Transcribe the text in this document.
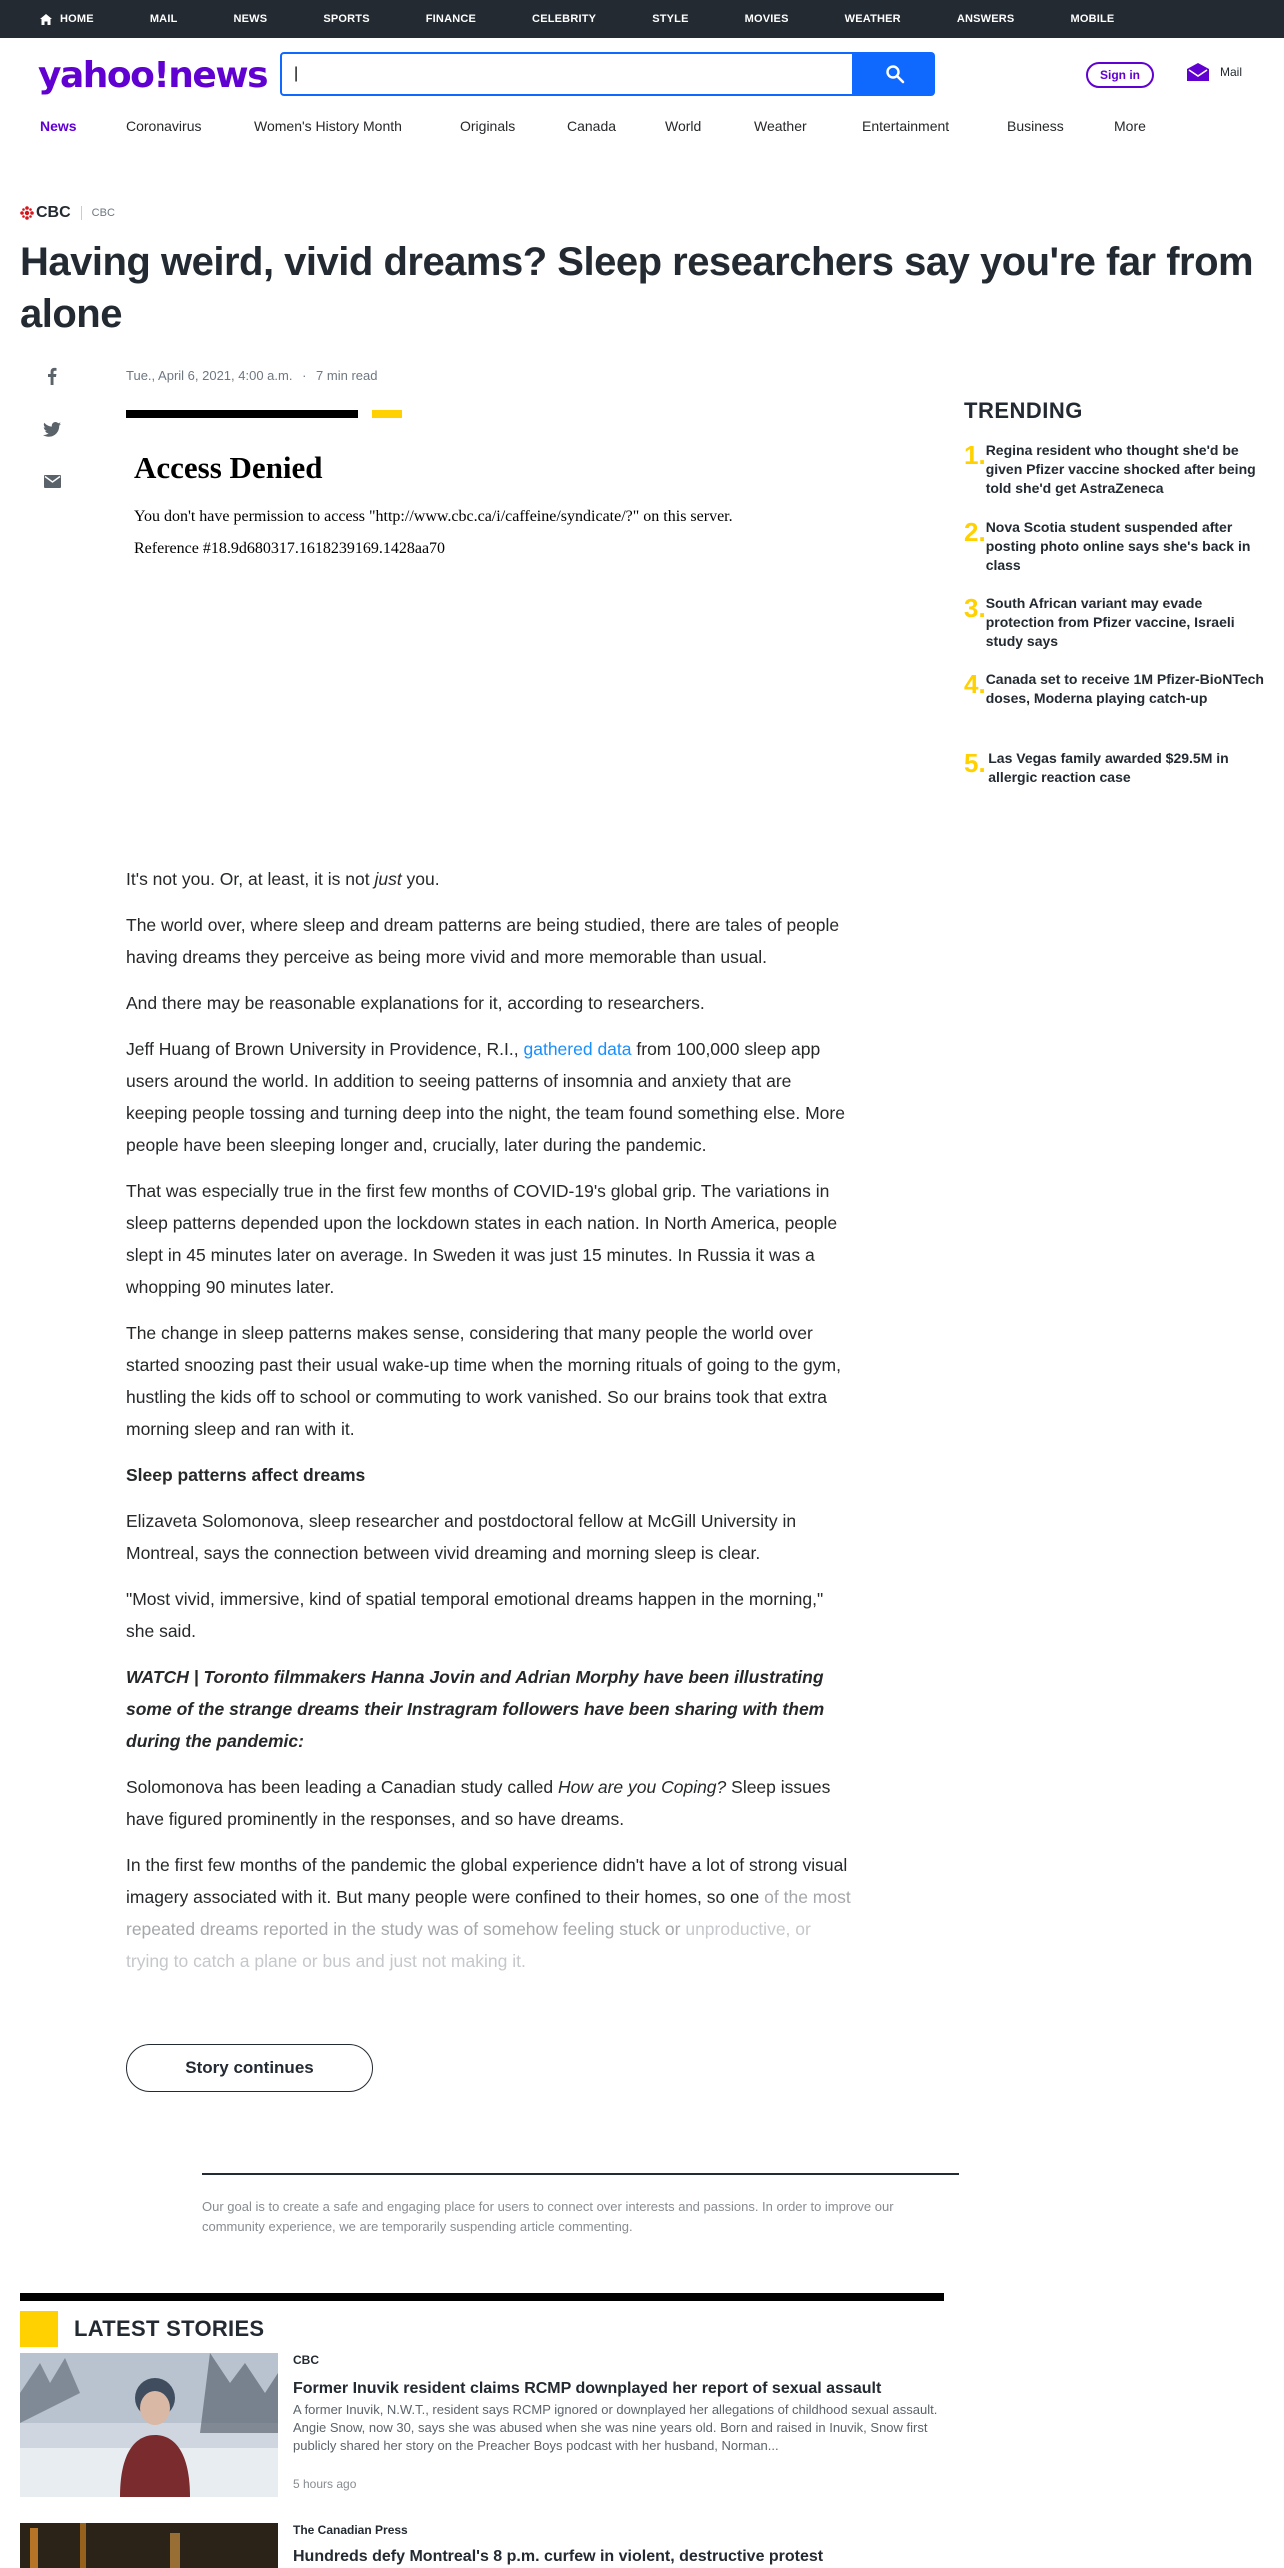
HOME	MAIL	NEWS	SPORTS	FINANCE	CELEBRITY	STYLE	MOVIES	WEATHER	ANSWERS	MOBILE
yahoo!news
|	Sign in	Mail
News	Coronavirus	Women's History Month	Originals	Canada	World	Weather	Entertainment	Business	More
CBC CBC
Having weird, vivid dreams? Sleep researchers say you're far from alone
Tue., April 6, 2021, 4:00 a.m. · 7 min read
Access Denied

You don't have permission to access "http://www.cbc.ca/i/caffeine/syndicate/?" on this server.

Reference #18.9d680317.1618239169.1428aa70

It's not you. Or, at least, it is not just you.

The world over, where sleep and dream patterns are being studied, there are tales of people having dreams they perceive as being more vivid and more memorable than usual.

And there may be reasonable explanations for it, according to researchers.

Jeff Huang of Brown University in Providence, R.I., gathered data from 100,000 sleep app users around the world. In addition to seeing patterns of insomnia and anxiety that are keeping people tossing and turning deep into the night, the team found something else. More people have been sleeping longer and, crucially, later during the pandemic.

That was especially true in the first few months of COVID-19's global grip. The variations in sleep patterns depended upon the lockdown states in each nation. In North America, people slept in 45 minutes later on average. In Sweden it was just 15 minutes. In Russia it was a whopping 90 minutes later.

The change in sleep patterns makes sense, considering that many people the world over started snoozing past their usual wake-up time when the morning rituals of going to the gym, hustling the kids off to school or commuting to work vanished. So our brains took that extra morning sleep and ran with it.

Sleep patterns affect dreams

Elizaveta Solomonova, sleep researcher and postdoctoral fellow at McGill University in Montreal, says the connection between vivid dreaming and morning sleep is clear.

"Most vivid, immersive, kind of spatial temporal emotional dreams happen in the morning," she said.

WATCH | Toronto filmmakers Hanna Jovin and Adrian Morphy have been illustrating some of the strange dreams their Instragram followers have been sharing with them during the pandemic:

Solomonova has been leading a Canadian study called How are you Coping? Sleep issues have figured prominently in the responses, and so have dreams.

In the first few months of the pandemic the global experience didn't have a lot of strong visual imagery associated with it. But many people were confined to their homes, so one of the most repeated dreams reported in the study was of somehow feeling stuck or unproductive, or trying to catch a plane or bus and just not making it.

Story continues
Our goal is to create a safe and engaging place for users to connect over interests and passions. In order to improve our community experience, we are temporarily suspending article commenting.
TRENDING
1. Regina resident who thought she'd be given Pfizer vaccine shocked after being told she'd get AstraZeneca
2. Nova Scotia student suspended after posting photo online says she's back in class
3. South African variant may evade protection from Pfizer vaccine, Israeli study says
4. Canada set to receive 1M Pfizer-BioNTech doses, Moderna playing catch-up
5. Las Vegas family awarded $29.5M in allergic reaction case
LATEST STORIES
CBC
Former Inuvik resident claims RCMP downplayed her report of sexual assault
A former Inuvik, N.W.T., resident says RCMP ignored or downplayed her allegations of childhood sexual assault. Angie Snow, now 30, says she was abused when she was nine years old. Born and raised in Inuvik, Snow first publicly shared her story on the Preacher Boys podcast with her husband, Norman...
5 hours ago
The Canadian Press
Hundreds defy Montreal's 8 p.m. curfew in violent, destructive protest
